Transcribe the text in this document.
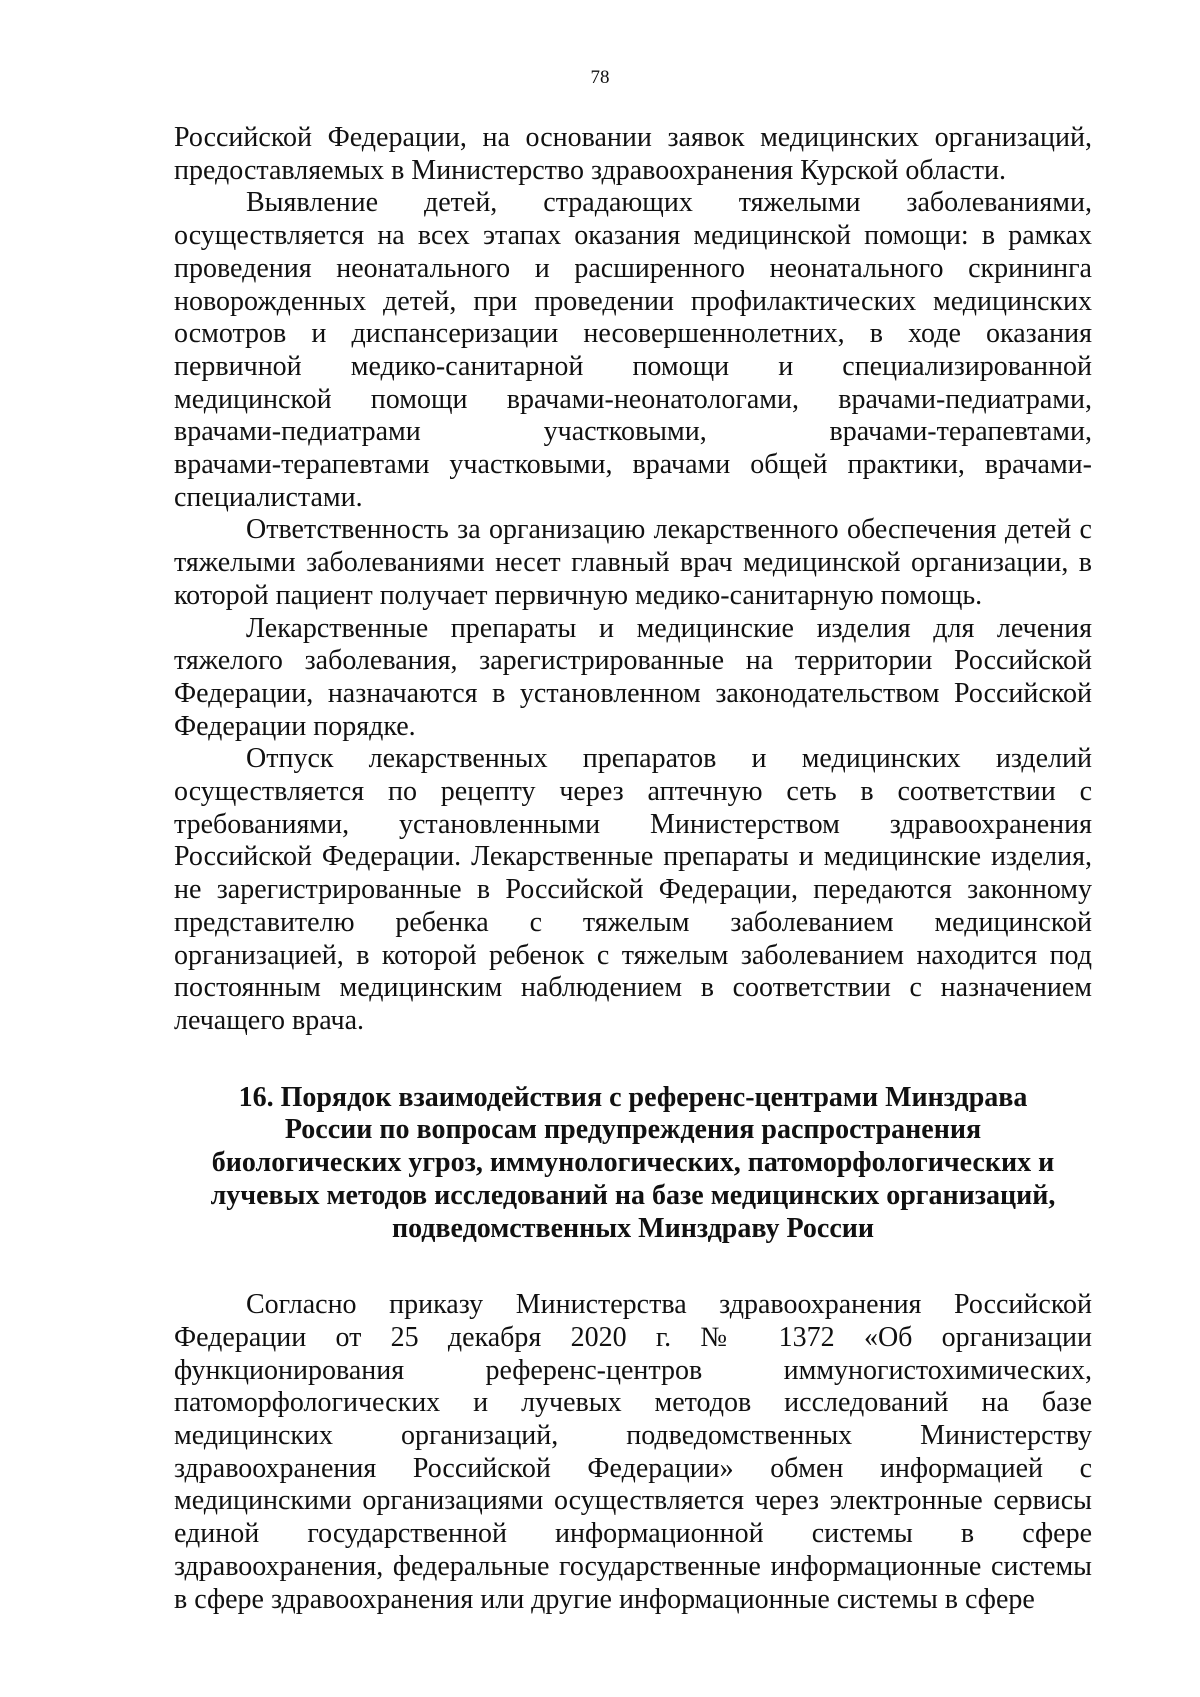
78

Российской Федерации, на основании заявок медицинских организаций,
предоставляемых в Министерство здравоохранения Курской области.

Выявление детей, страдающих тяжелыми заболеваниями,
осуществляется на всех этапах оказания медицинской помощи: в рамках
проведения неонатального и расширенного неонатального скрининга
новорожденных детей, при проведении профилактических медицинских
осмотров и диспансеризации несовершеннолетних, в ходе оказания
первичной медико-санитарной помощи и специализированной
медицинской помощи врачами-неонатологами, врачами-педиатрами,
врачами-педиатрами участковыми, врачами-терапевтами,
врачами-терапевтами участковыми, врачами общей практики, врачами-
специалистами.

Ответственность за организацию лекарственного обеспечения детей с
тяжелыми заболеваниями несет главный врач медицинской организации, в
которой пациент получает первичную медико-санитарную помощь.

Лекарственные препараты и медицинские изделия для лечения
тяжелого заболевания, зарегистрированные на территории Российской
Федерации, назначаются в установленном законодательством Российской
Федерации порядке.

Отпуск лекарственных препаратов и медицинских изделий
осуществляется по рецепту через аптечную сеть в соответствии с
требованиями, установленными Министерством здравоохранения
Российской Федерации. Лекарственные препараты и медицинские изделия,
не зарегистрированные в Российской Федерации, передаются законному
представителю ребенка с тяжелым заболеванием медицинской
организацией, в которой ребенок с тяжелым заболеванием находится под
постоянным медицинским наблюдением в соответствии с назначением
лечащего врача.

16. Порядок взаимодействия с референс-центрами Минздрава
России по вопросам предупреждения распространения
биологических угроз, иммунологических, патоморфологических и
лучевых методов исследований на базе медицинских организаций,
подведомственных Минздраву России

Согласно приказу Министерства здравоохранения Российской
Федерации от 25 декабря 2020 г. № 1372 «Об организации
функционирования референс-центров иммуногистохимических,
патоморфологических и лучевых методов исследований на базе
медицинских организаций, подведомственных Министерству
здравоохранения Российской Федерации» обмен информацией с
медицинскими организациями осуществляется через электронные сервисы
единой государственной информационной системы в сфере
здравоохранения, федеральные государственные информационные системы
в сфере здравоохранения или другие информационные системы в сфере
